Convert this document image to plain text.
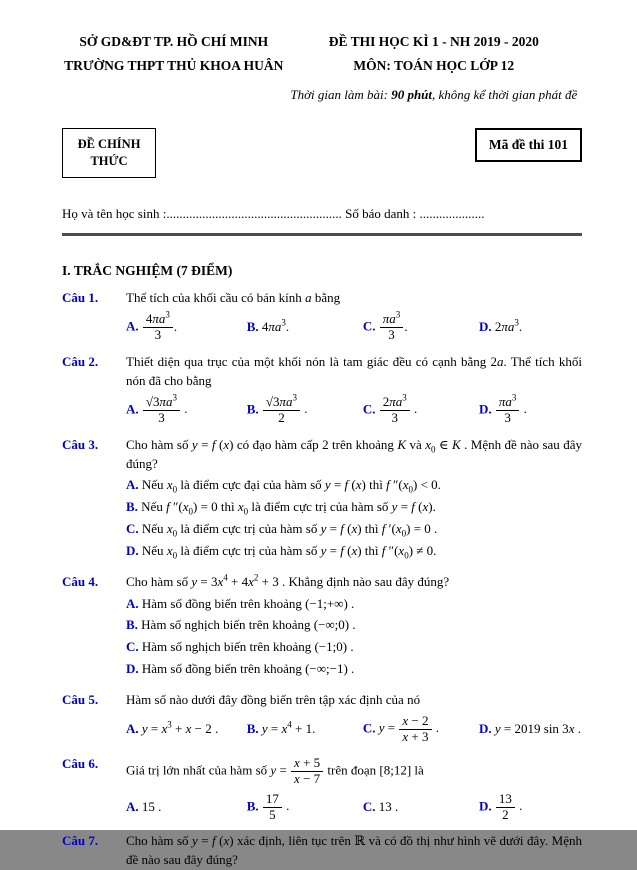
SỞ GD&ĐT TP. HỒ CHÍ MINH
TRƯỜNG THPT THỦ KHOA HUÂN
ĐỀ THI HỌC KÌ 1 - NH 2019 - 2020
MÔN: TOÁN HỌC LỚP 12
Thời gian làm bài: 90 phút, không kể thời gian phát đề
ĐỀ CHÍNH
THỨC
Mã đề thi 101
Họ và tên học sinh :...................................................... Số báo danh : ....................
I. TRẮC NGHIỆM (7 ĐIỂM)
Câu 1.	Thể tích của khối cầu có bán kính a bằng
A. $\frac{4\pi a^3}{3}$ .	B. $4\pi a^3$.	C. $\frac{\pi a^3}{3}$ .	D. $2\pi a^3$.
Câu 2.	Thiết diện qua trục của một khối nón là tam giác đều có cạnh bằng 2a. Thể tích khối nón đã cho bằng
A. $\frac{√3\pi a^3}{3}$ .	B. $\frac{√3\pi a^3}{2}$ .	C. $\frac{2\pi a^3}{3}$ .	D. $\frac{\pi a^3}{3}$ .
Câu 3.	Cho hàm số y = f (x) có đạo hàm cấp 2 trên khoảng K và $x_0$ ∈ K . Mệnh đề nào sau đây đúng?
A. Nếu $x_0$ là điểm cực đại của hàm số y = f (x) thì f $''(x_0) < 0$.
B. Nếu f $''(x_0) = 0$ thì $x_0$ là điểm cực trị của hàm số y = f (x).
C. Nếu $x_0$ là điểm cực trị của hàm số y = f (x) thì f $'(x_0) = 0$ .
D. Nếu $x_0$ là điểm cực trị của hàm số y = f (x) thì f $''(x_0) \ne 0$.
Câu 4.	Cho hàm số $y = 3x^4 + 4x^2 + 3$ . Khẳng định nào sau đây đúng?
A. Hàm số đồng biến trên khoảng (−1;+∞) .
B. Hàm số nghịch biến trên khoảng (−∞;0) .
C. Hàm số nghịch biến trên khoảng (−1;0) .
D. Hàm số đồng biến trên khoảng (−∞;−1) .
Câu 5.	Hàm số nào dưới đây đồng biến trên tập xác định của nó
A. $y = x^3 + x - 2$ .	B. $y = x^4 + 1$.	C. $y = \frac{x - 2}{x + 3}$ .	D. y = 2019 sin 3x .
Câu 6.	Giá trị lớn nhất của hàm số $y = \frac{x + 5}{x - 7}$ trên đoạn [8;12] là
A. 15 .	B. $\frac{17}{5}$ .	C. 13 .	D. $\frac{13}{2}$ .
Câu 7.	Cho hàm số y = f (x) xác định, liên tục trên ℝ và có đồ thị như hình vẽ dưới đây. Mệnh đề nào sau đây đúng?
